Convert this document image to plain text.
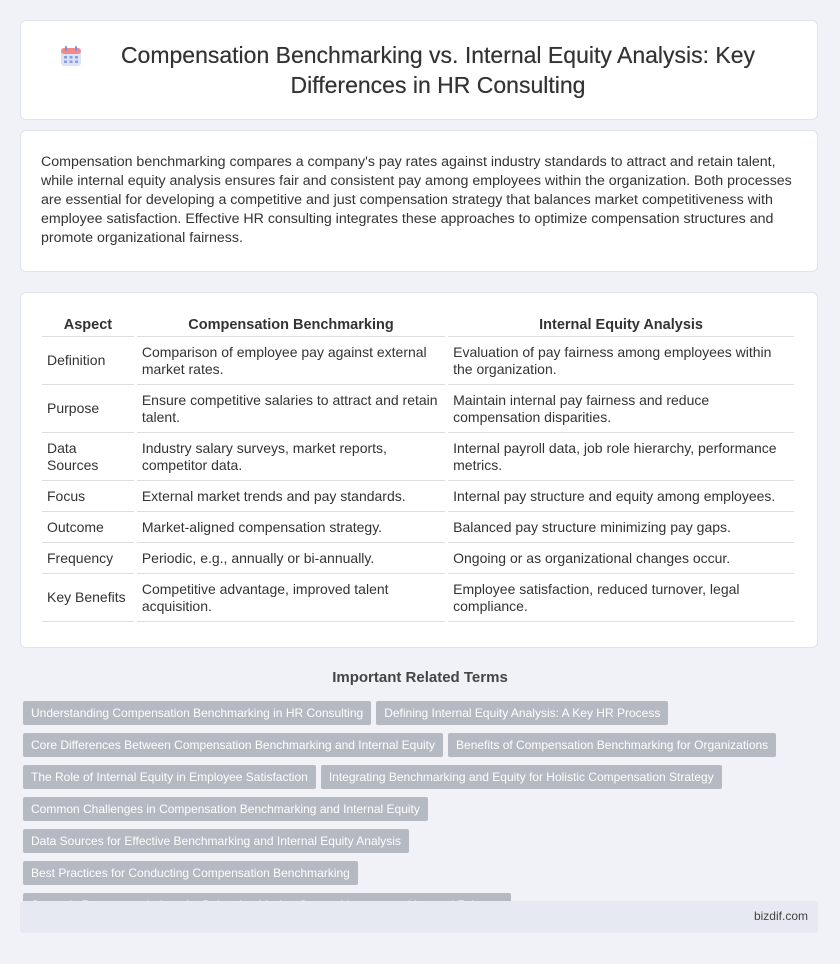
Compensation Benchmarking vs. Internal Equity Analysis: Key Differences in HR Consulting

Compensation benchmarking compares a company's pay rates against industry standards to attract and retain talent, while internal equity analysis ensures fair and consistent pay among employees within the organization. Both processes are essential for developing a competitive and just compensation strategy that balances market competitiveness with employee satisfaction. Effective HR consulting integrates these approaches to optimize compensation structures and promote organizational fairness.

Aspect	Compensation Benchmarking	Internal Equity Analysis
Definition	Comparison of employee pay against external market rates.	Evaluation of pay fairness among employees within the organization.
Purpose	Ensure competitive salaries to attract and retain talent.	Maintain internal pay fairness and reduce compensation disparities.
Data Sources	Industry salary surveys, market reports, competitor data.	Internal payroll data, job role hierarchy, performance metrics.
Focus	External market trends and pay standards.	Internal pay structure and equity among employees.
Outcome	Market-aligned compensation strategy.	Balanced pay structure minimizing pay gaps.
Frequency	Periodic, e.g., annually or bi-annually.	Ongoing or as organizational changes occur.
Key Benefits	Competitive advantage, improved talent acquisition.	Employee satisfaction, reduced turnover, legal compliance.
Important Related Terms
Understanding Compensation Benchmarking in HR Consulting Defining Internal Equity Analysis: A Key HR Process
Core Differences Between Compensation Benchmarking and Internal Equity Benefits of Compensation Benchmarking for Organizations
The Role of Internal Equity in Employee Satisfaction Integrating Benchmarking and Equity for Holistic Compensation Strategy
Common Challenges in Compensation Benchmarking and Internal EquityData Sources for Effective Benchmarking and Internal Equity Analysis
Best Practices for Conducting Compensation Benchmarking

bizdif.com
